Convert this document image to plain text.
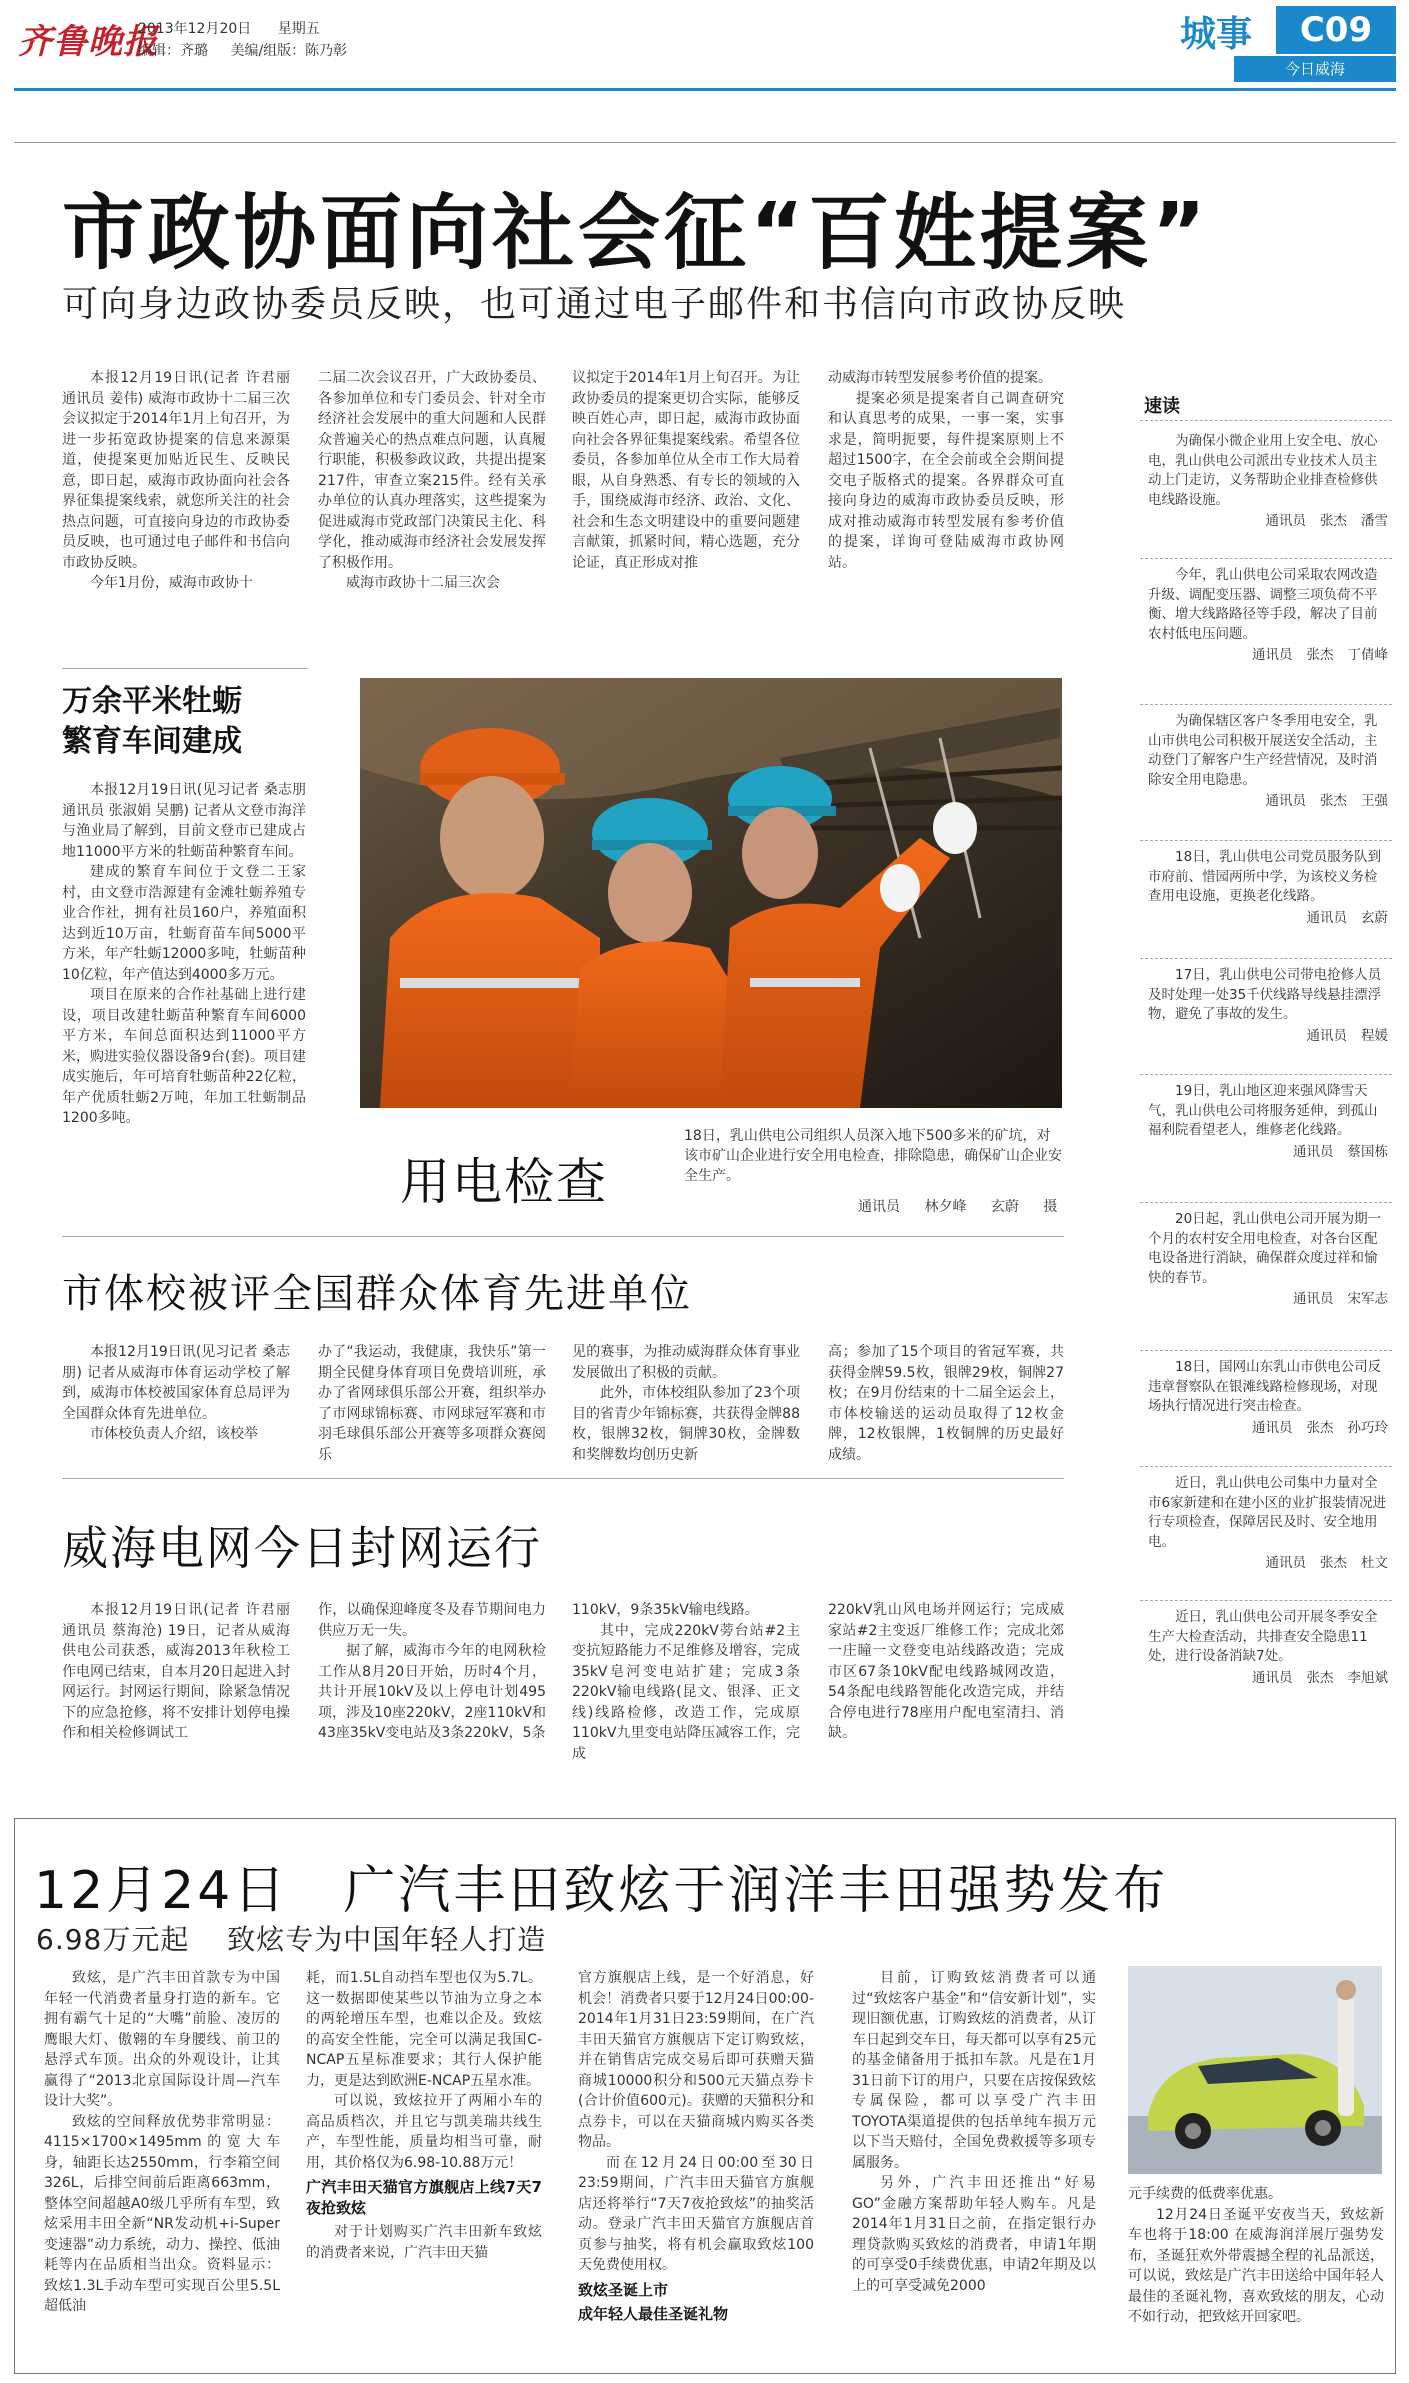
齐鲁晚报
2013年12月20日 星期五
编辑：齐璐 美编/组版：陈乃彰	城事	C09
今日威海
市政协面向社会征“百姓提案”
可向身边政协委员反映，也可通过电子邮件和书信向市政协反映

本报12月19日讯(记者 许君丽 通讯员 姜伟) 威海市政协十二届三次会议拟定于2014年1月上旬召开，为进一步拓宽政协提案的信息来源渠道，使提案更加贴近民生、反映民意，即日起，威海市政协面向社会各界征集提案线索，就您所关注的社会热点问题，可直接向身边的市政协委员反映，也可通过电子邮件和书信向市政协反映。

今年1月份，威海市政协十

二届二次会议召开，广大政协委员、各参加单位和专门委员会、针对全市经济社会发展中的重大问题和人民群众普遍关心的热点难点问题，认真履行职能，积极参政议政，共提出提案217件，审查立案215件。经有关承办单位的认真办理落实，这些提案为促进威海市党政部门决策民主化、科学化，推动威海市经济社会发展发挥了积极作用。

威海市政协十二届三次会

议拟定于2014年1月上旬召开。为让政协委员的提案更切合实际，能够反映百姓心声，即日起，威海市政协面向社会各界征集提案线索。希望各位委员，各参加单位从全市工作大局着眼，从自身熟悉、有专长的领域的入手，围绕威海市经济、政治、文化、社会和生态文明建设中的重要问题建言献策，抓紧时间，精心选题，充分论证，真正形成对推

动威海市转型发展参考价值的提案。

提案必须是提案者自己调查研究和认真思考的成果，一事一案，实事求是，简明扼要，每件提案原则上不超过1500字，在全会前或全会期间提交电子版格式的提案。各界群众可直接向身边的威海市政协委员反映，形成对推动威海市转型发展有参考价值的提案，详询可登陆威海市政协网站。

万余平米牡蛎
繁育车间建成

本报12月19日讯(见习记者 桑志朋 通讯员 张淑娟 吴鹏) 记者从文登市海洋与渔业局了解到，目前文登市已建成占地11000平方米的牡蛎苗种繁育车间。

建成的繁育车间位于文登二王家村，由文登市浩源建有金滩牡蛎养殖专业合作社，拥有社员160户，养殖面积达到近10万亩，牡蛎育苗车间5000平方米，年产牡蛎12000多吨，牡蛎苗种10亿粒，年产值达到4000多万元。

项目在原来的合作社基础上进行建设，项目改建牡蛎苗种繁育车间6000平方米，车间总面积达到11000平方米，购进实验仪器设备9台(套)。项目建成实施后，年可培育牡蛎苗种22亿粒，年产优质牡蛎2万吨，年加工牡蛎制品1200多吨。

用电检查
18日，乳山供电公司组织人员深入地下500多米的矿坑，对该市矿山企业进行安全用电检查，排除隐患，确保矿山企业安全生产。
通讯员 林夕峰 玄蔚 摄
市体校被评全国群众体育先进单位

本报12月19日讯(见习记者 桑志朋) 记者从威海市体育运动学校了解到，威海市体校被国家体育总局评为全国群众体育先进单位。

市体校负责人介绍，该校举

办了“我运动，我健康，我快乐”第一期全民健身体育项目免费培训班，承办了省网球俱乐部公开赛，组织举办了市网球锦标赛、市网球冠军赛和市羽毛球俱乐部公开赛等多项群众赛阅乐

见的赛事，为推动威海群众体育事业发展做出了积极的贡献。

此外，市体校组队参加了23个项目的省青少年锦标赛，共获得金牌88枚，银牌32枚，铜牌30枚，金牌数和奖牌数均创历史新

高；参加了15个项目的省冠军赛，共获得金牌59.5枚，银牌29枚，铜牌27枚；在9月份结束的十二届全运会上，市体校输送的运动员取得了12枚金牌，12枚银牌，1枚铜牌的历史最好成绩。

威海电网今日封网运行

本报12月19日讯(记者 许君丽 通讯员 蔡海沧) 19日，记者从威海供电公司获悉，威海2013年秋检工作电网已结束，自本月20日起进入封网运行。封网运行期间，除紧急情况下的应急抢修，将不安排计划停电操作和相关检修调试工

作，以确保迎峰度冬及春节期间电力供应万无一失。

据了解，威海市今年的电网秋检工作从8月20日开始，历时4个月，共计开展10kV及以上停电计划495项，涉及10座220kV，2座110kV和43座35kV变电站及3条220kV，5条

110kV，9条35kV输电线路。

其中，完成220kV蒡台站#2主变抗短路能力不足维修及增容，完成35kV皂河变电站扩建；完成3条220kV输电线路(昆文、银泽、正文线)线路检修，改造工作，完成原110kV九里变电站降压减容工作，完成

220kV乳山风电场并网运行；完成威家站#2主变返厂维修工作；完成北郊一庄瞳一文登变电站线路改造；完成市区67条10kV配电线路城网改造，54条配电线路智能化改造完成，并结合停电进行78座用户配电室清扫、消缺。

速读

为确保小微企业用上安全电、放心电，乳山供电公司派出专业技术人员主动上门走访，义务帮助企业排查检修供电线路设施。

通讯员 张杰 潘雪

今年，乳山供电公司采取农网改造升级、调配变压器、调整三项负荷不平衡、增大线路路径等手段，解决了目前农村低电压问题。

通讯员 张杰 丁倩峰

为确保辖区客户冬季用电安全，乳山市供电公司积极开展送安全活动，主动登门了解客户生产经营情况，及时消除安全用电隐患。

通讯员 张杰 王强

18日，乳山供电公司党员服务队到市府前、惜园两所中学，为该校义务检查用电设施，更换老化线路。

通讯员 玄蔚

17日，乳山供电公司带电抢修人员及时处理一处35千伏线路导线悬挂漂浮物，避免了事故的发生。

通讯员 程媛

19日，乳山地区迎来强风降雪天气，乳山供电公司将服务延伸，到孤山福利院看望老人，维修老化线路。

通讯员 蔡国栋

20日起，乳山供电公司开展为期一个月的农村安全用电检查，对各台区配电设备进行消缺，确保群众度过祥和愉快的春节。

通讯员 宋军志

18日，国网山东乳山市供电公司反违章督察队在银滩线路检修现场，对现场执行情况进行突击检查。

通讯员 张杰 孙巧玲

近日，乳山供电公司集中力量对全市6家新建和在建小区的业扩报装情况进行专项检查，保障居民及时、安全地用电。

通讯员 张杰 杜文

近日，乳山供电公司开展冬季安全生产大检查活动，共排查安全隐患11处，进行设备消缺7处。

通讯员 张杰 李旭斌
12月24日　广汽丰田致炫于润洋丰田强势发布
6.98万元起 致炫专为中国年轻人打造

致炫，是广汽丰田首款专为中国年轻一代消费者量身打造的新车。它拥有霸气十足的“大嘴”前脸、凌厉的鹰眼大灯、傲翱的车身腰线、前卫的悬浮式车顶。出众的外观设计，让其赢得了“2013北京国际设计周—汽车设计大奖”。

致炫的空间释放优势非常明显：4115×1700×1495mm的宽大车身，轴距长达2550mm，行李箱空间326L，后排空间前后距离663mm，整体空间超越A0级几乎所有车型，致炫采用丰田全新“NR发动机+i-Super变速器”动力系统，动力、操控、低油耗等内在品质相当出众。资料显示：致炫1.3L手动车型可实现百公里5.5L超低油

耗，而1.5L自动挡车型也仅为5.7L。这一数据即使某些以节油为立身之本的两轮增压车型，也难以企及。致炫的高安全性能，完全可以满足我国C-NCAP五星标准要求；其行人保护能力，更是达到欧洲E-NCAP五星水准。

可以说，致炫拉开了两厢小车的高品质档次，并且它与凯美瑞共线生产，车型性能，质量均相当可靠，耐用，其价格仅为6.98-10.88万元！

广汽丰田天猫官方旗舰店上线7天7夜抢致炫

对于计划购买广汽丰田新车致炫的消费者来说，广汽丰田天猫

官方旗舰店上线，是一个好消息，好机会！消费者只要于12月24日00:00-2014年1月31日23:59期间，在广汽丰田天猫官方旗舰店下定订购致炫，并在销售店完成交易后即可获赠天猫商城10000积分和500元天猫点券卡(合计价值600元)。获赠的天猫积分和点券卡，可以在天猫商城内购买各类物品。

而在12月24日00:00至30日23:59期间，广汽丰田天猫官方旗舰店还将举行“7天7夜抢致炫”的抽奖活动。登录广汽丰田天猫官方旗舰店首页参与抽奖，将有机会赢取致炫100天免费使用权。

致炫圣诞上市

成年轻人最佳圣诞礼物

目前，订购致炫消费者可以通过“致炫客户基金”和“信安新计划”，实现旧额优惠，订购致炫的消费者，从订车日起到交车日，每天都可以享有25元的基金储备用于抵扣车款。凡是在1月31日前下订的用户，只要在店按保致炫专属保险，都可以享受广汽丰田TOYOTA渠道提供的包括单纯车损万元以下当天赔付，全国免费救援等多项专属服务。

另外，广汽丰田还推出“好易GO”金融方案帮助年轻人购车。凡是2014年1月31日之前，在指定银行办理贷款购买致炫的消费者，申请1年期的可享受0手续费优惠，申请2年期及以上的可享受减免2000

元手续费的低费率优惠。

12月24日圣诞平安夜当天，致炫新车也将于18:00 在威海润洋展厅强势发布，圣诞狂欢外带震撼全程的礼品派送，可以说，致炫是广汽丰田送给中国年轻人最佳的圣诞礼物，喜欢致炫的朋友，心动不如行动，把致炫开回家吧。
